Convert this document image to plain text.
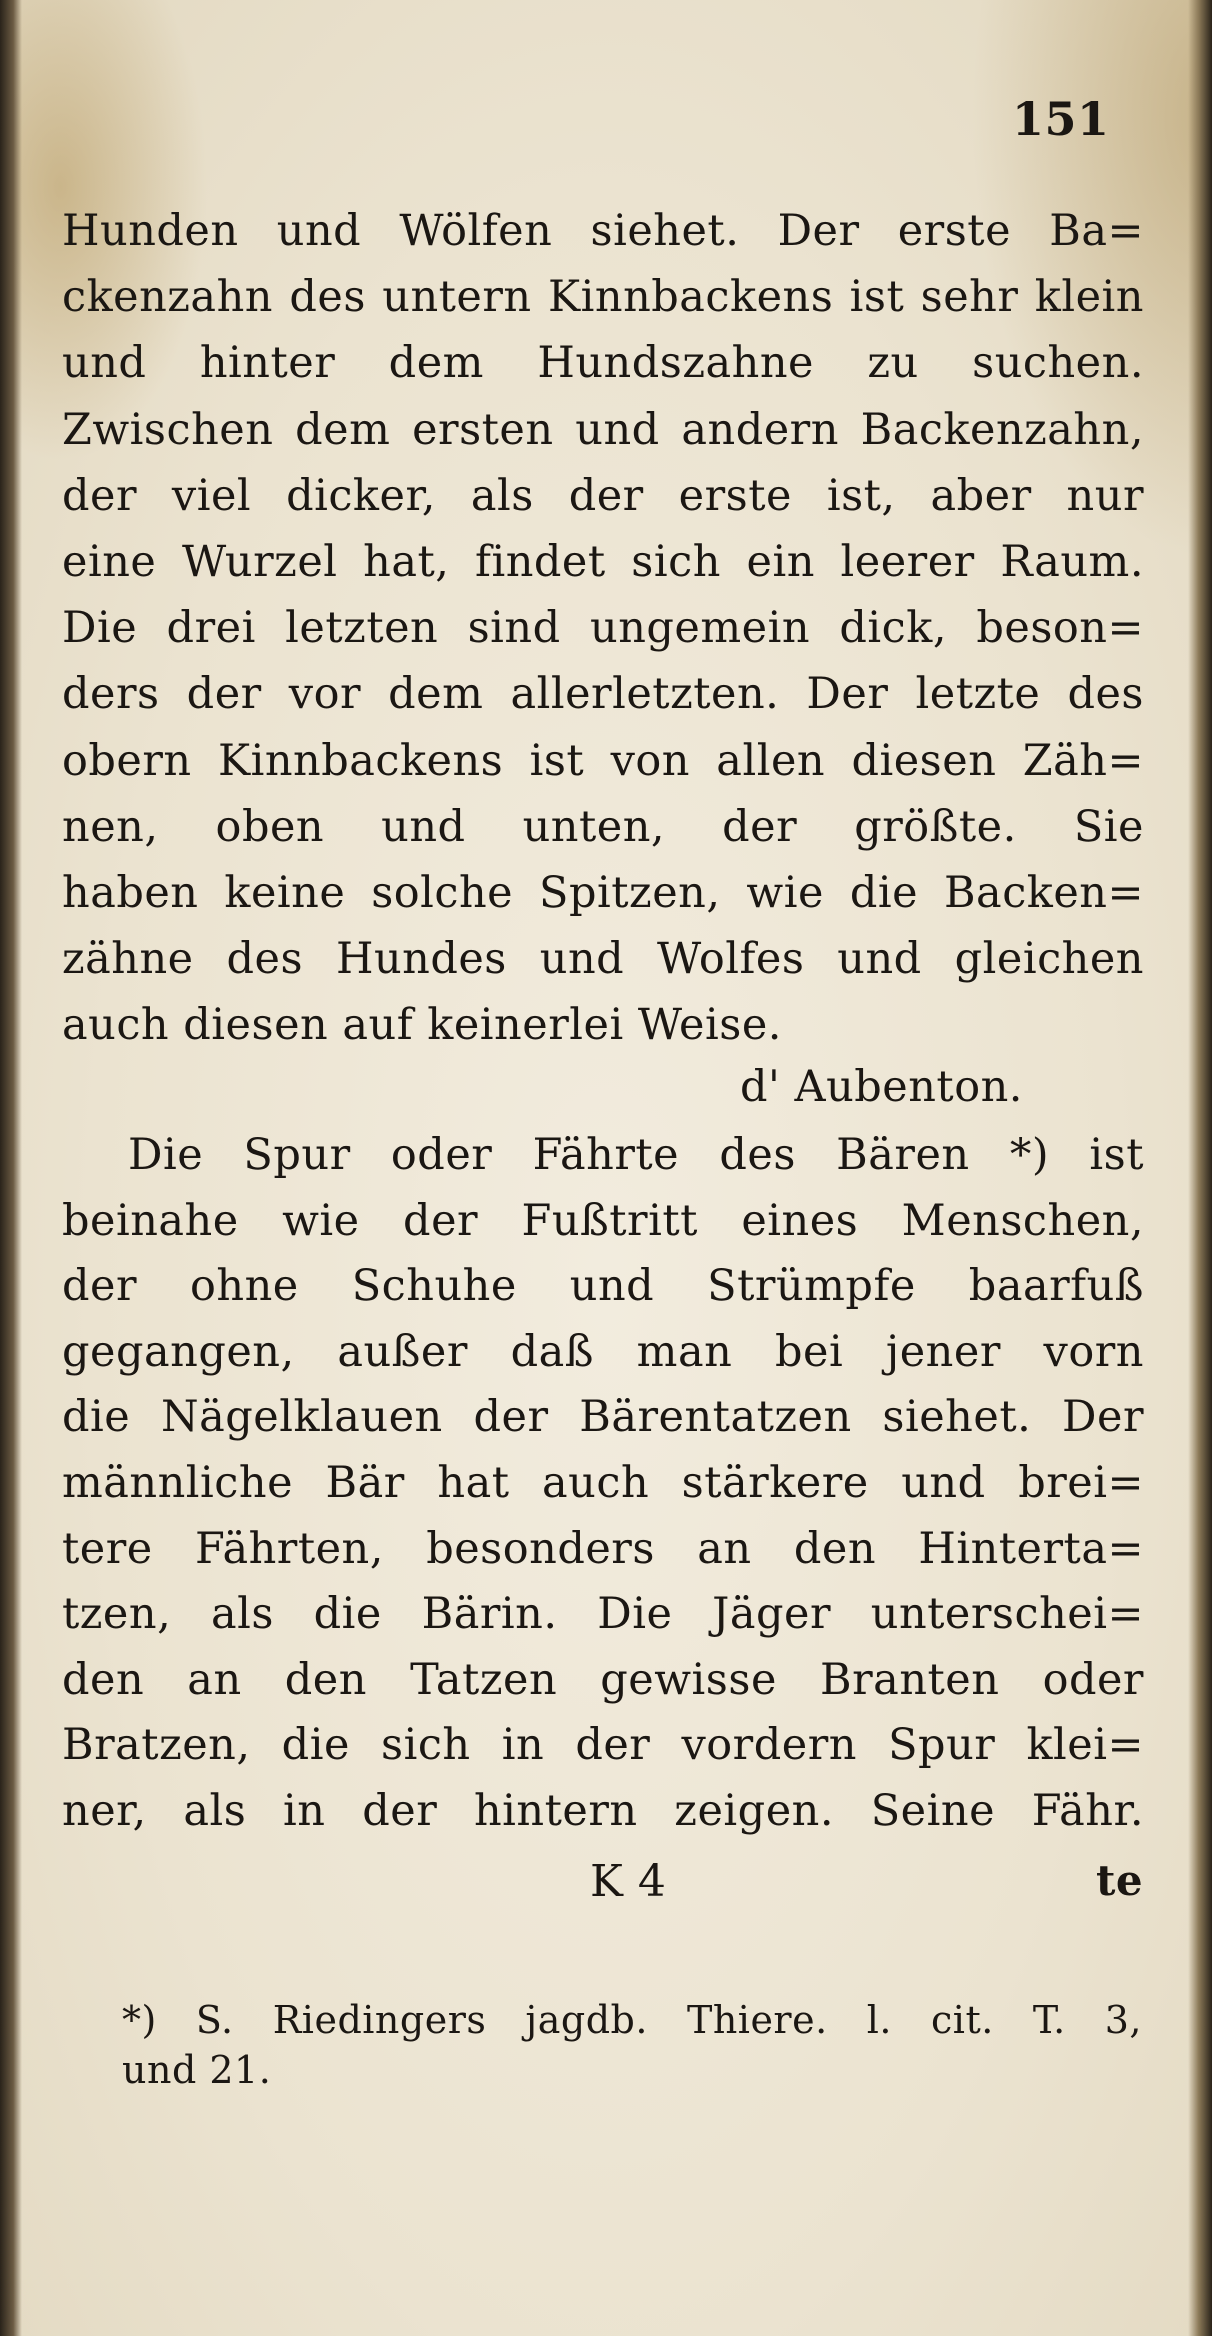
151
Hunden und Wölfen siehet. Der erste Ba=
ckenzahn des untern Kinnbackens ist sehr klein
und hinter dem Hundszahne zu suchen.
Zwischen dem ersten und andern Backenzahn,
der viel dicker, als der erste ist, aber nur
eine Wurzel hat, findet sich ein leerer Raum.
Die drei letzten sind ungemein dick, beson=
ders der vor dem allerletzten. Der letzte des
obern Kinnbackens ist von allen diesen Zäh=
nen, oben und unten, der größte. Sie
haben keine solche Spitzen, wie die Backen=
zähne des Hundes und Wolfes und gleichen
auch diesen auf keinerlei Weise.
d' Aubenton.
Die Spur oder Fährte des Bären *) ist
beinahe wie der Fußtritt eines Menschen,
der ohne Schuhe und Strümpfe baarfuß
gegangen, außer daß man bei jener vorn
die Nägelklauen der Bärentatzen siehet. Der
männliche Bär hat auch stärkere und brei=
tere Fährten, besonders an den Hinterta=
tzen, als die Bärin. Die Jäger unterschei=
den an den Tatzen gewisse Branten oder
Bratzen, die sich in der vordern Spur klei=
ner, als in der hintern zeigen. Seine Fähr.
K 4	te
*) S. Riedingers jagdb. Thiere. l. cit. T. 3,
und 21.
